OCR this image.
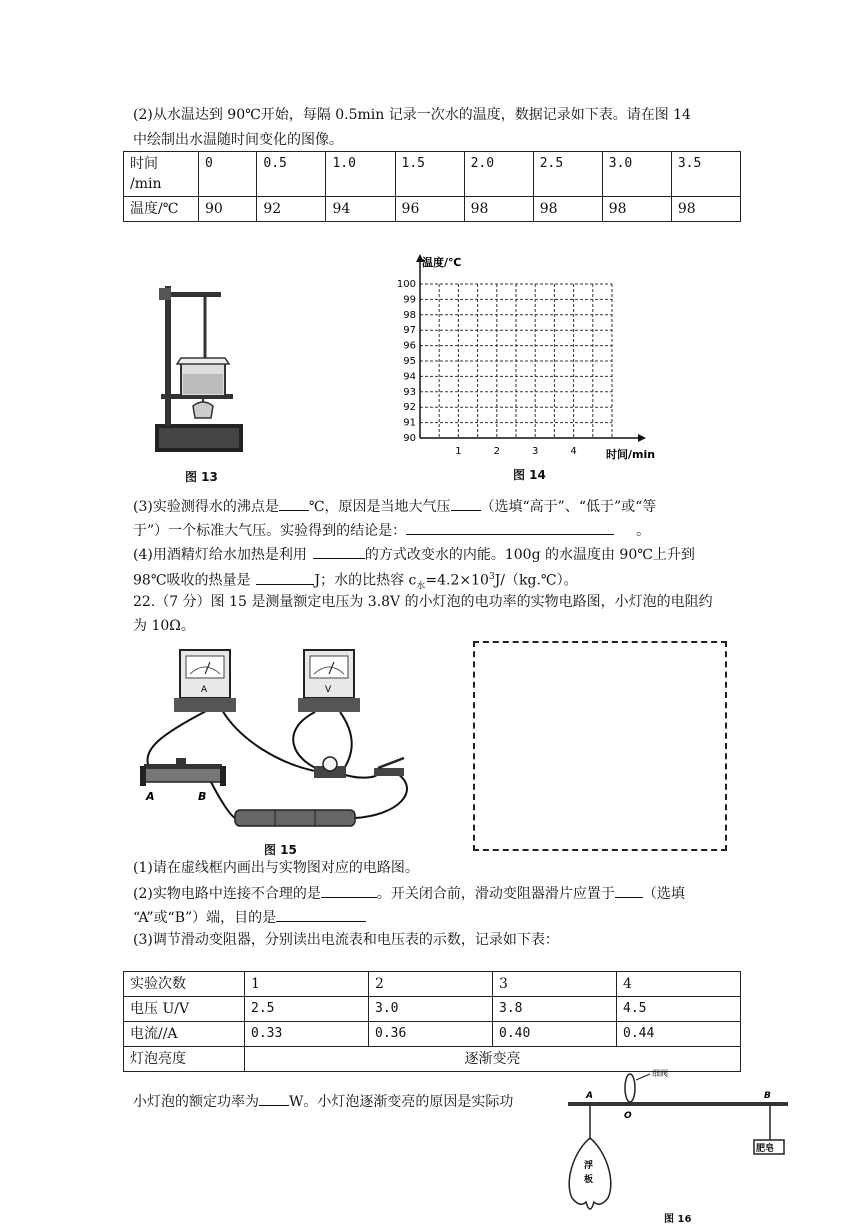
(2)从水温达到 90℃开始，每隔 0.5min 记录一次水的温度，数据记录如下表。请在图 14
中绘制出水温随时间变化的图像。
时间
/min	0	0.5	1.0	1.5	2.0	2.5	3.0	3.5
温度/℃	90	92	94	96	98	98	98	98
图 13
90
91
92
93
94
95
96
97
98
99
100
1	2	3	4
温度/℃
时间/min
图 14
(3)实验测得水的沸点是 ℃，原因是当地大气压 （选填“高于”、“低于”或“等
于”）一个标准大气压。实验得到的结论是：	。
(4)用酒精灯给水加热是利用	的方式改变水的内能。100g 的水温度由 90℃上升到
98℃吸收的热量是	J；水的比热容 $c_水=4.2\times 10^3J/(kg.℃)$。
22.（7 分）图 15 是测量额定电压为 3.8V 的小灯泡的电功率的实物电路图，小灯泡的电阻约
为 10Ω。
A	V
A	B
图 15
(1)请在虚线框内画出与实物图对应的电路图。
(2)实物电路中连接不合理的是	。开关闭合前，滑动变阻器滑片应置于 （选填
“A”或“B”）端，目的是
(3)调节滑动变阻器，分别读出电流表和电压表的示数，记录如下表：
实验次数	1	2	3	4
电压 U/V	2.5	3.0	3.8	4.5
电流//A	0.33	0.36	0.40	0.44
灯泡亮度	逐渐变亮			
小灯泡的额定功率为 W。小灯泡逐渐变亮的原因是实际功
细阀
A
O
B
浮
板
肥皂
图 16
